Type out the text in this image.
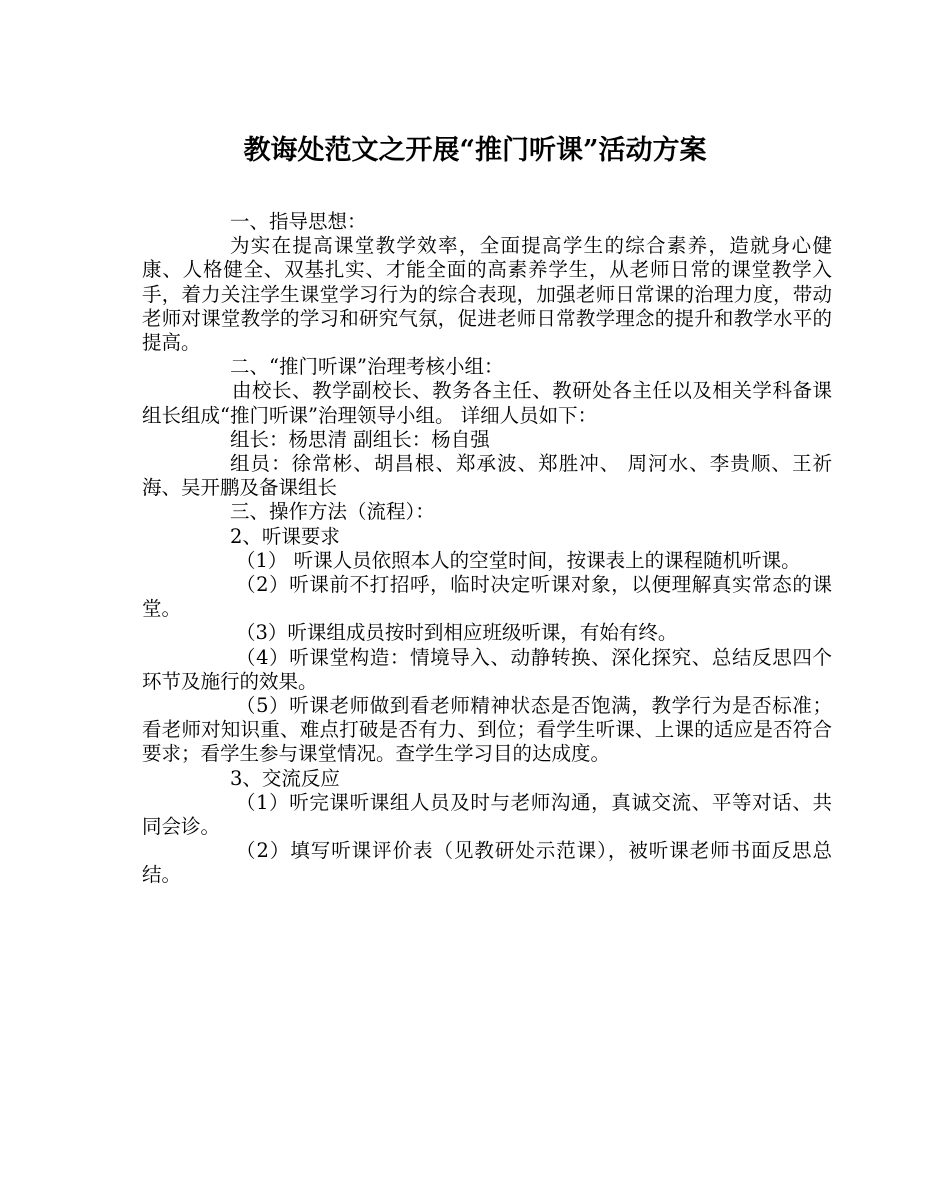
教诲处范文之开展“推门听课”活动方案

一、指导思想：

为实在提高课堂教学效率，全面提高学生的综合素养，造就身心健康、人格健全、双基扎实、才能全面的高素养学生，从老师日常的课堂教学入手，着力关注学生课堂学习行为的综合表现，加强老师日常课的治理力度，带动老师对课堂教学的学习和研究气氛，促进老师日常教学理念的提升和教学水平的提高。

二、“推门听课”治理考核小组：

由校长、教学副校长、教务各主任、教研处各主任以及相关学科备课组长组成“推门听课”治理领导小组。 详细人员如下：

组长：杨思清 副组长：杨自强

组员：徐常彬、胡昌根、郑承波、郑胜冲、 周河水、李贵顺、王祈海、吴开鹏及备课组长

三、操作方法（流程）：

2、听课要求

（1） 听课人员依照本人的空堂时间，按课表上的课程随机听课。

（2）听课前不打招呼，临时决定听课对象，以便理解真实常态的课堂。

（3）听课组成员按时到相应班级听课，有始有终。

（4）听课堂构造：情境导入、动静转换、深化探究、总结反思四个环节及施行的效果。

（5）听课老师做到看老师精神状态是否饱满，教学行为是否标准；看老师对知识重、难点打破是否有力、到位；看学生听课、上课的适应是否符合要求；看学生参与课堂情况。查学生学习目的达成度。

3、交流反应

（1）听完课听课组人员及时与老师沟通，真诚交流、平等对话、共同会诊。

（2）填写听课评价表（见教研处示范课），被听课老师书面反思总结。
